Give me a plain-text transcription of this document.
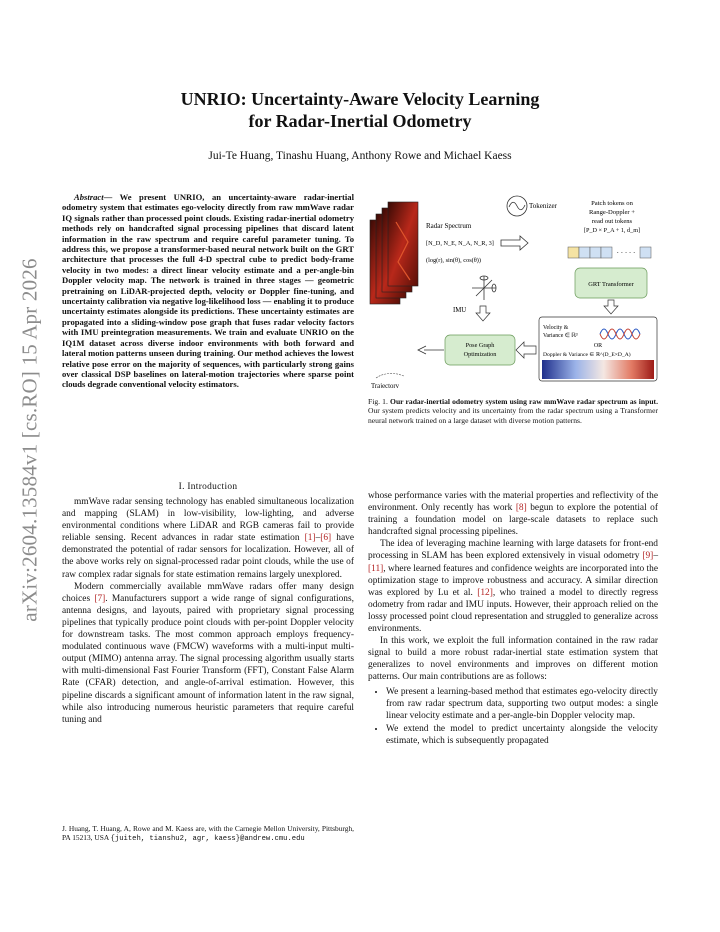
arXiv:2604.13584v1 [cs.RO] 15 Apr 2026
UNRIO: Uncertainty-Aware Velocity Learning
for Radar-Inertial Odometry
Jui-Te Huang, Tinashu Huang, Anthony Rowe and Michael Kaess
Abstract— We present UNRIO, an uncertainty-aware radar-inertial odometry system that estimates ego-velocity directly from raw mmWave radar IQ signals rather than processed point clouds. Existing radar-inertial odometry methods rely on handcrafted signal processing pipelines that discard latent information in the raw spectrum and require careful parameter tuning. To address this, we propose a transformer-based neural network built on the GRT architecture that processes the full 4-D spectral cube to predict body-frame velocity in two modes: a direct linear velocity estimate and a per-angle-bin Doppler velocity map. The network is trained in three stages — geometric pretraining on LiDAR-projected depth, velocity or Doppler fine-tuning, and uncertainty calibration via negative log-likelihood loss — enabling it to produce uncertainty estimates alongside its predictions. These uncertainty estimates are propagated into a sliding-window pose graph that fuses radar velocity factors with IMU preintegration measurements. We train and evaluate UNRIO on the IQ1M dataset across diverse indoor environments with both forward and lateral motion patterns unseen during training. Our method achieves the lowest relative pose error on the majority of sequences, with particularly strong gains over classical DSP baselines on lateral-motion trajectories where sparse point clouds degrade conventional velocity estimators.
I. Introduction

mmWave radar sensing technology has enabled simultaneous localization and mapping (SLAM) in low-visibility, low-lighting, and adverse environmental conditions where LiDAR and RGB cameras fail to provide reliable sensing. Recent advances in radar state estimation [1]–[6] have demonstrated the potential of radar sensors for localization. However, all of the above works rely on signal-processed radar point clouds, while the use of raw complex radar signals for state estimation remains largely unexplored.

Modern commercially available mmWave radars offer many design choices [7]. Manufacturers support a wide range of signal configurations, antenna designs, and layouts, paired with proprietary signal processing pipelines that typically produce point clouds with per-point Doppler velocity for downstream tasks. The most common approach employs frequency-modulated continuous wave (FMCW) waveforms with a multi-input multi-output (MIMO) antenna array. The signal processing algorithm usually starts with multi-dimensional Fast Fourier Transform (FFT), Constant False Alarm Rate (CFAR) detection, and angle-of-arrival estimation. However, this pipeline discards a significant amount of information latent in the raw signal, while also introducing numerous heuristic parameters that require careful tuning and

J. Huang, T. Huang, A, Rowe and M. Kaess are, with the Carnegie Mellon University, Pittsburgh, PA 15213, USA {juiteh, tianshu2, agr, kaess}@andrew.cmu.edu
Radar Spectrum
[N_D, N_E, N_A, N_R, 3]
(log(r), sin(θ), cos(θ))
Tokenizer	Patch tokens on
Range-Doppler +
read out tokens
[P_D × P_A + 1, d_m]
· · · · ·
GRT Transformer
Velocity &
Variance ∈ ℝ³
OR
Doppler & Variance ∈ ℝ^(D_E×D_A)
IMU
Pose Graph
Optimization
Trajectory
Fig. 1. Our radar-inertial odometry system using raw mmWave radar spectrum as input. Our system predicts velocity and its uncertainty from the radar spectrum using a Transformer neural network trained on a large dataset with diverse motion patterns.

whose performance varies with the material properties and reflectivity of the environment. Only recently has work [8] begun to explore the potential of training a foundation model on large-scale datasets to replace such handcrafted signal processing pipelines.

The idea of leveraging machine learning with large datasets for front-end processing in SLAM has been explored extensively in visual odometry [9]–[11], where learned features and confidence weights are incorporated into the optimization stage to improve robustness and accuracy. A similar direction was explored by Lu et al. [12], who trained a model to directly regress odometry from radar and IMU inputs. However, their approach relied on the lossy processed point cloud representation and struggled to generalize across environments.

In this work, we exploit the full information contained in the raw radar signal to build a more robust radar-inertial state estimation system that generalizes to novel environments and improves on different motion patterns. Our main contributions are as follows:

• We present a learning-based method that estimates ego-velocity directly from raw radar spectrum data, supporting two output modes: a single linear velocity estimate and a per-angle-bin Doppler velocity map.
• We extend the model to predict uncertainty alongside the velocity estimate, which is subsequently propagated
